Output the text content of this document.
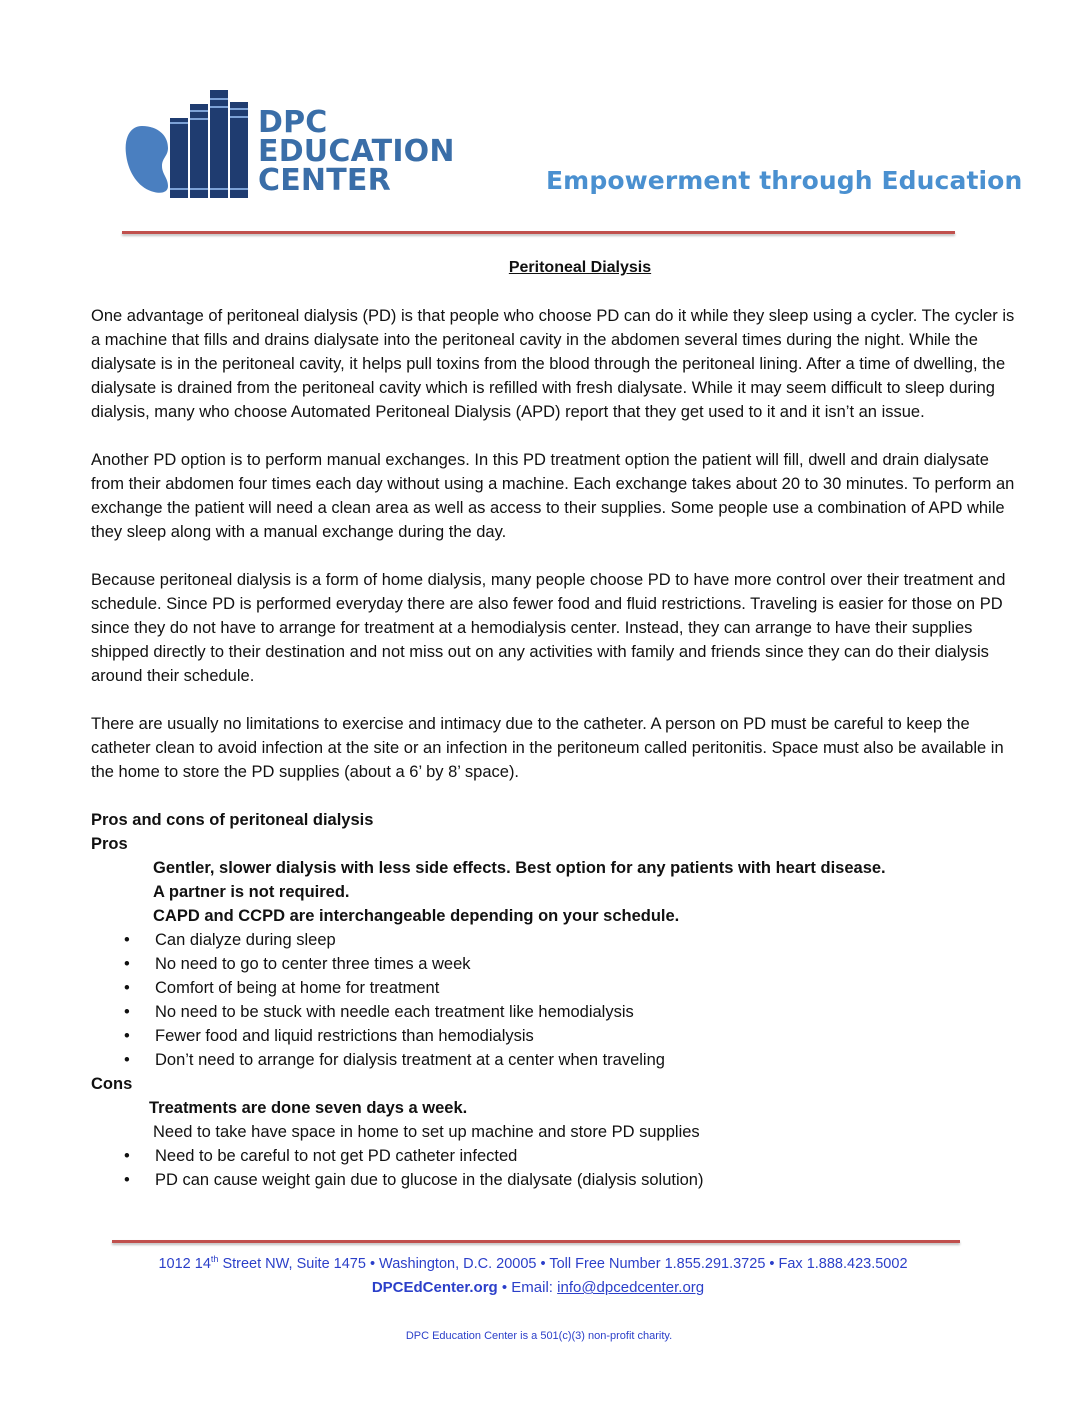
DPC
EDUCATION
CENTER	Empowerment through Education
Peritoneal Dialysis

One advantage of peritoneal dialysis (PD) is that people who choose PD can do it while they sleep using a cycler. The cycler is a machine that fills and drains dialysate into the peritoneal cavity in the abdomen several times during the night. While the dialysate is in the peritoneal cavity, it helps pull toxins from the blood through the peritoneal lining. After a time of dwelling, the dialysate is drained from the peritoneal cavity which is refilled with fresh dialysate. While it may seem difficult to sleep during dialysis, many who choose Automated Peritoneal Dialysis (APD) report that they get used to it and it isn’t an issue.

Another PD option is to perform manual exchanges. In this PD treatment option the patient will fill, dwell and drain dialysate from their abdomen four times each day without using a machine. Each exchange takes about 20 to 30 minutes. To perform an exchange the patient will need a clean area as well as access to their supplies. Some people use a combination of APD while they sleep along with a manual exchange during the day.

Because peritoneal dialysis is a form of home dialysis, many people choose PD to have more control over their treatment and schedule. Since PD is performed everyday there are also fewer food and fluid restrictions. Traveling is easier for those on PD since they do not have to arrange for treatment at a hemodialysis center. Instead, they can arrange to have their supplies shipped directly to their destination and not miss out on any activities with family and friends since they can do their dialysis around their schedule.

There are usually no limitations to exercise and intimacy due to the catheter. A person on PD must be careful to keep the catheter clean to avoid infection at the site or an infection in the peritoneum called peritonitis. Space must also be available in the home to store the PD supplies (about a 6’ by 8’ space).

Pros and cons of peritoneal dialysis
Pros
Gentler, slower dialysis with less side effects. Best option for any patients with heart disease.
A partner is not required.
CAPD and CCPD are interchangeable depending on your schedule.
• Can dialyze during sleep
• No need to go to center three times a week
• Comfort of being at home for treatment
• No need to be stuck with needle each treatment like hemodialysis
• Fewer food and liquid restrictions than hemodialysis
• Don’t need to arrange for dialysis treatment at a center when traveling
Cons
Treatments are done seven days a week.
Need to take have space in home to set up machine and store PD supplies
• Need to be careful to not get PD catheter infected
• PD can cause weight gain due to glucose in the dialysate (dialysis solution)
1012 14th Street NW, Suite 1475 • Washington, D.C. 20005 • Toll Free Number 1.855.291.3725 • Fax 1.888.423.5002
DPCEdCenter.org • Email: info@dpcedcenter.org
DPC Education Center is a 501(c)(3) non-profit charity.
